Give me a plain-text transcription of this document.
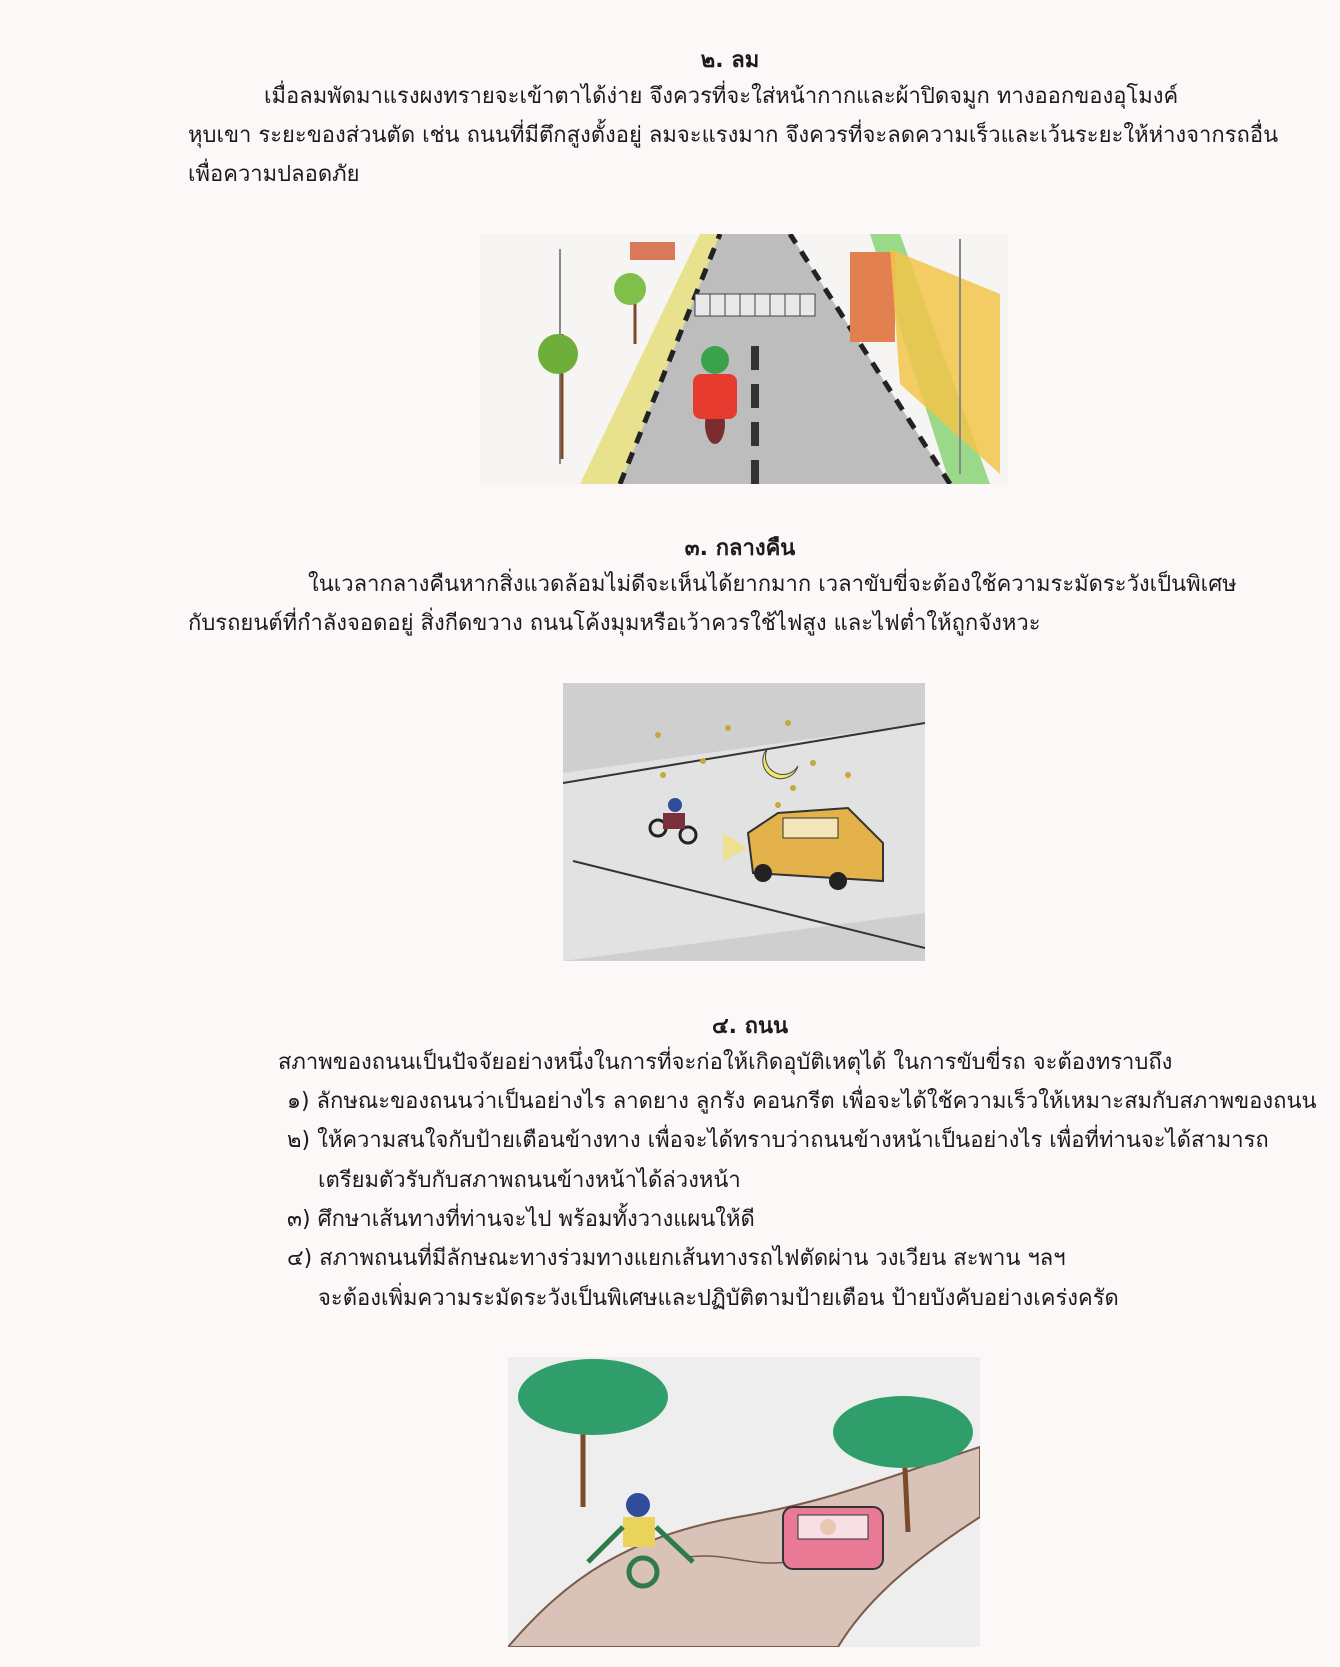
๒. ลม
เมื่อลมพัดมาแรงผงทรายจะเข้าตาได้ง่าย จึงควรที่จะใส่หน้ากากและผ้าปิดจมูก ทางออกของอุโมงค์
หุบเขา ระยะของส่วนตัด เช่น ถนนที่มีตึกสูงตั้งอยู่ ลมจะแรงมาก จึงควรที่จะลดความเร็วและเว้นระยะให้ห่างจากรถอื่น
เพื่อความปลอดภัย
๓. กลางคืน
ในเวลากลางคืนหากสิ่งแวดล้อมไม่ดีจะเห็นได้ยากมาก เวลาขับขี่จะต้องใช้ความระมัดระวังเป็นพิเศษ
กับรถยนต์ที่กำลังจอดอยู่ สิ่งกีดขวาง ถนนโค้งมุมหรือเว้าควรใช้ไฟสูง และไฟต่ำให้ถูกจังหวะ
๔. ถนน
สภาพของถนนเป็นปัจจัยอย่างหนึ่งในการที่จะก่อให้เกิดอุบัติเหตุได้ ในการขับขี่รถ จะต้องทราบถึง
๑) ลักษณะของถนนว่าเป็นอย่างไร ลาดยาง ลูกรัง คอนกรีต เพื่อจะได้ใช้ความเร็วให้เหมาะสมกับสภาพของถนน
๒) ให้ความสนใจกับป้ายเตือนข้างทาง เพื่อจะได้ทราบว่าถนนข้างหน้าเป็นอย่างไร เพื่อที่ท่านจะได้สามารถ
เตรียมตัวรับกับสภาพถนนข้างหน้าได้ล่วงหน้า
๓) ศึกษาเส้นทางที่ท่านจะไป พร้อมทั้งวางแผนให้ดี
๔) สภาพถนนที่มีลักษณะทางร่วมทางแยกเส้นทางรถไฟตัดผ่าน วงเวียน สะพาน ฯลฯ
จะต้องเพิ่มความระมัดระวังเป็นพิเศษและปฏิบัติตามป้ายเตือน ป้ายบังคับอย่างเคร่งครัด
